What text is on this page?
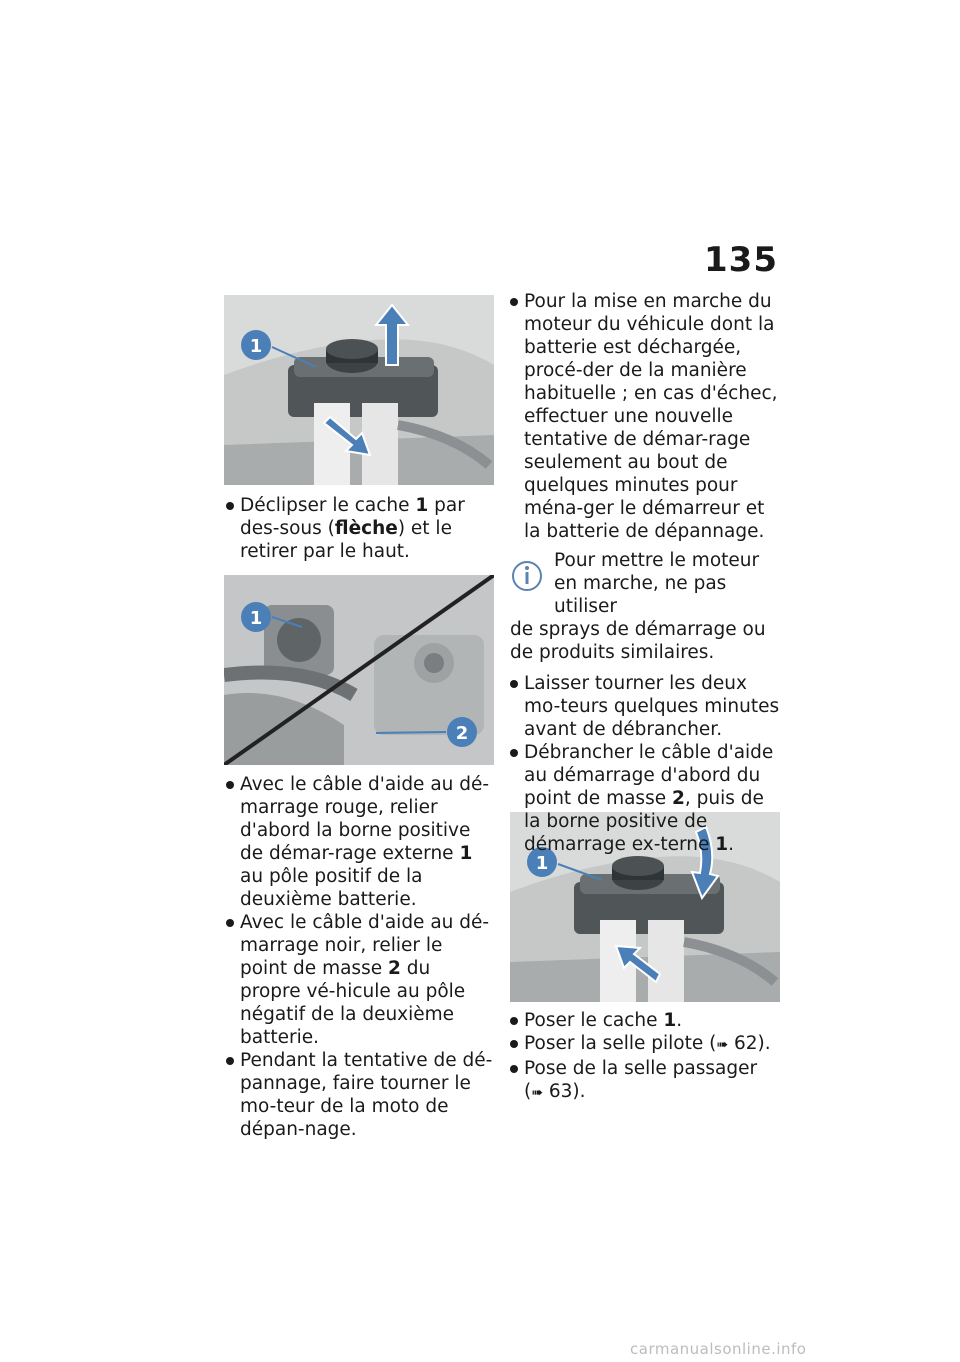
135
1
1
2
1

Déclipser le cache 1 par des-sous (flèche) et le retirer par le haut.

Avec le câble d'aide au dé-marrage rouge, relier d'abord la borne positive de démar-rage externe 1 au pôle positif de la deuxième batterie.

Avec le câble d'aide au dé-marrage noir, relier le point de masse 2 du propre vé-hicule au pôle négatif de la deuxième batterie.

Pendant la tentative de dé-pannage, faire tourner le mo-teur de la moto de dépan-nage.

Pour la mise en marche du moteur du véhicule dont la batterie est déchargée, procé-der de la manière habituelle ; en cas d'échec, effectuer une nouvelle tentative de démar-rage seulement au bout de quelques minutes pour ména-ger le démarreur et la batterie de dépannage.

Pour mettre le moteur en marche, ne pas utiliser

de sprays de démarrage ou de produits similaires.

Laisser tourner les deux mo-teurs quelques minutes avant de débrancher.

Débrancher le câble d'aide au démarrage d'abord du point de masse 2, puis de la borne positive de démarrage ex-terne 1.

Poser le cache 1.

Poser la selle pilote (➠ 62).

Pose de la selle passager (➠ 63).

carmanualsonline.info
